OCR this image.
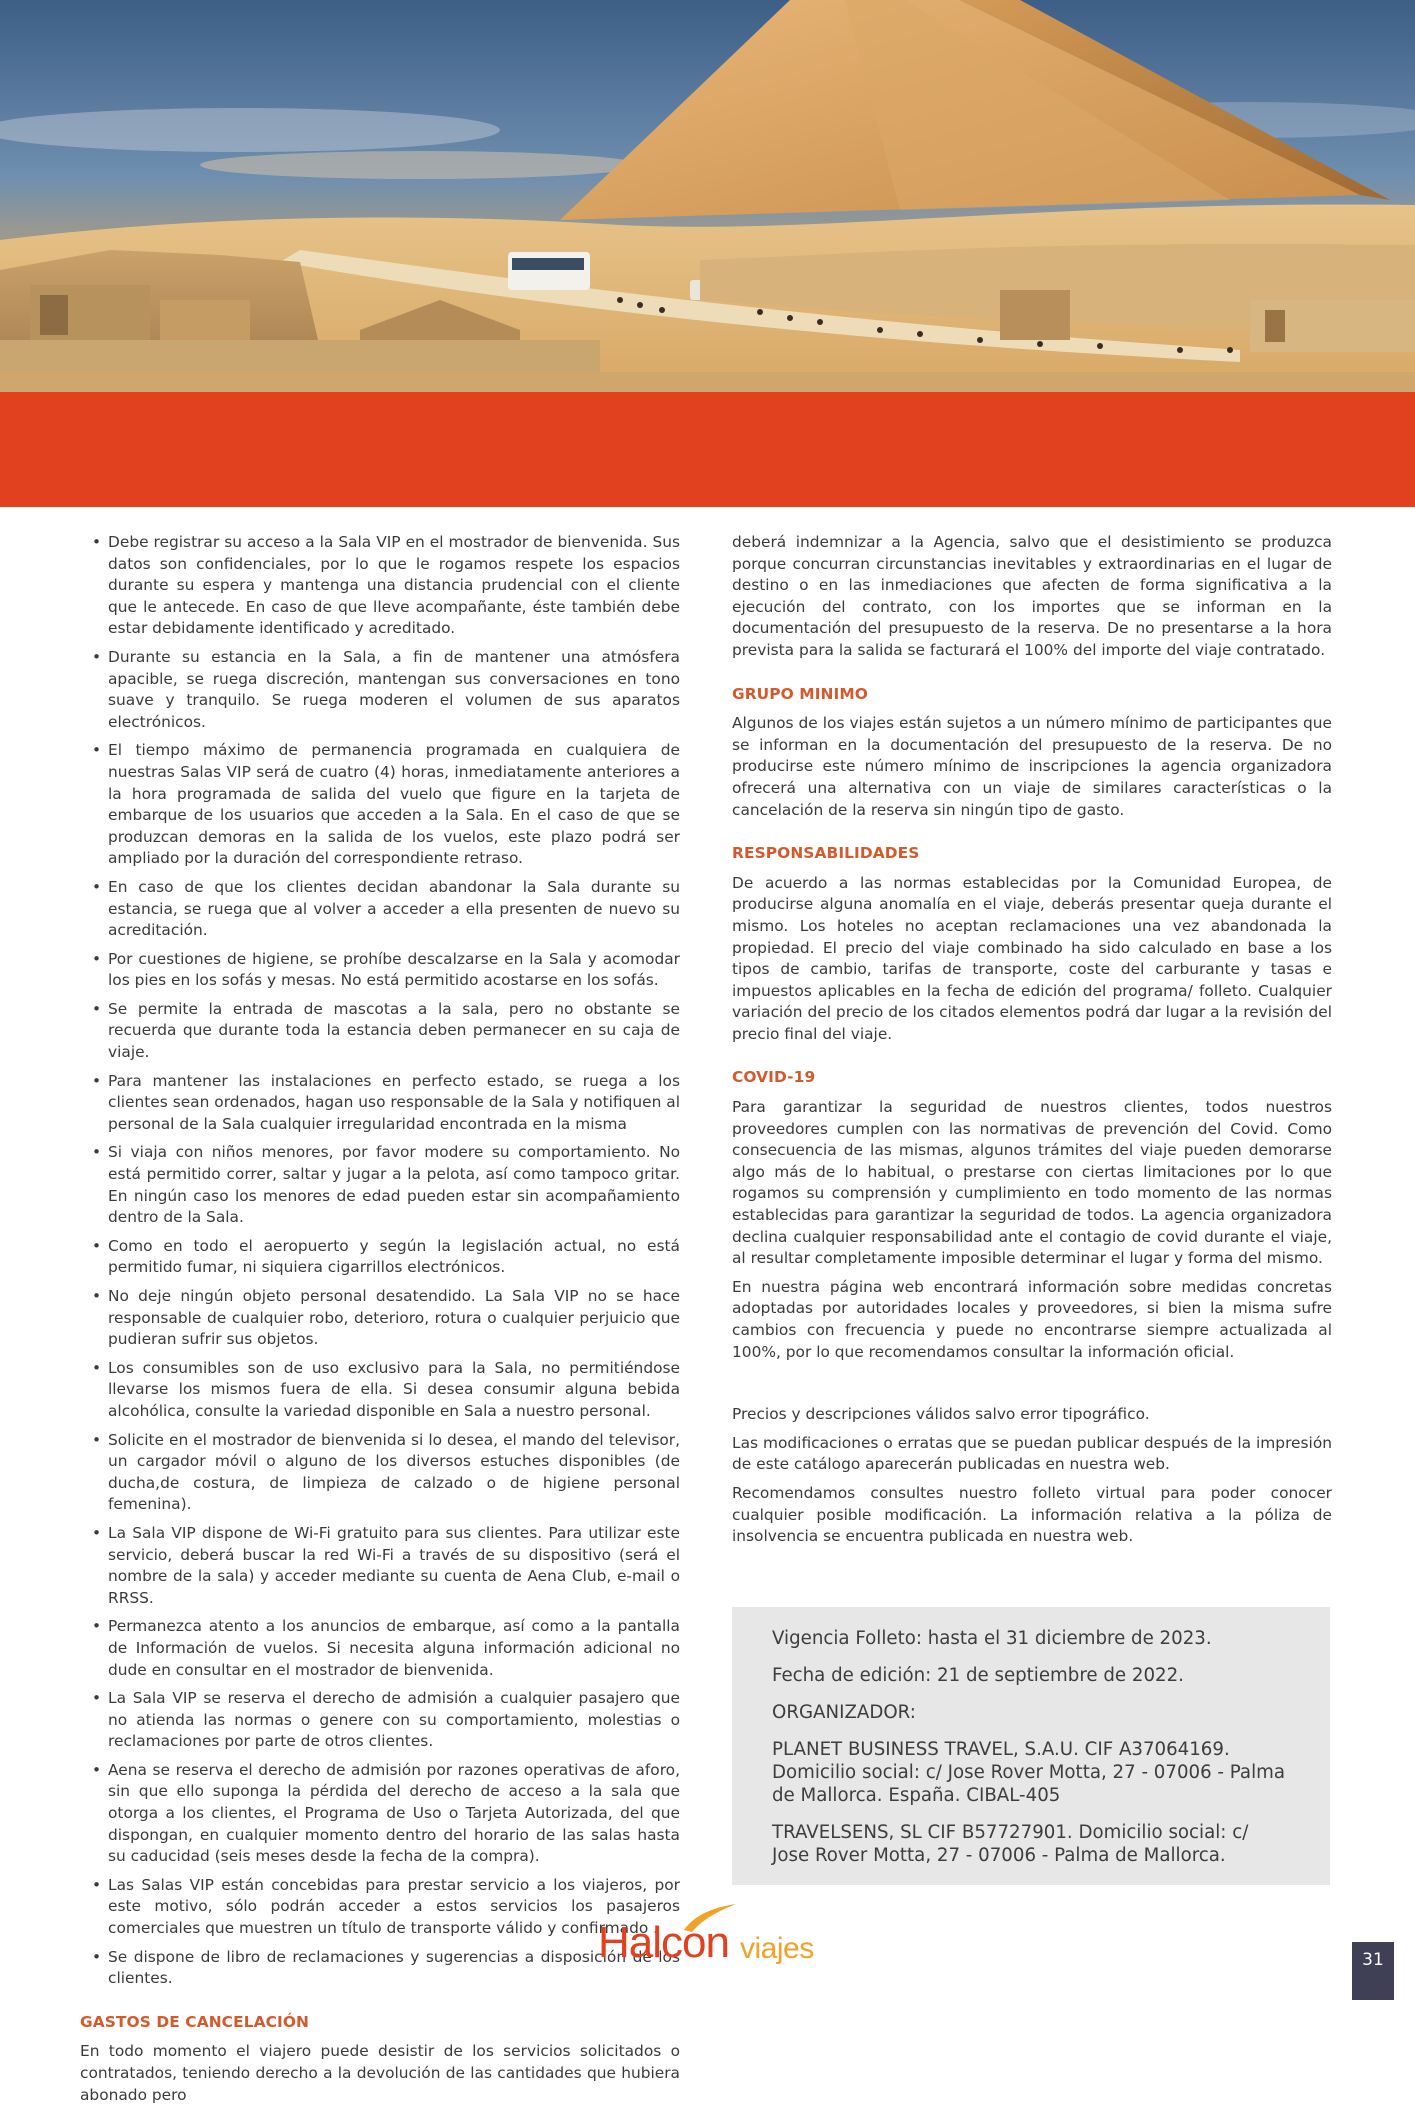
• Debe registrar su acceso a la Sala VIP en el mostrador de bienvenida. Sus datos son confidenciales, por lo que le rogamos respete los espacios durante su espera y mantenga una distancia prudencial con el cliente que le antecede. En caso de que lleve acompañante, éste también debe estar debidamente identificado y acreditado.
• Durante su estancia en la Sala, a fin de mantener una atmósfera apacible, se ruega discreción, mantengan sus conversaciones en tono suave y tranquilo. Se ruega moderen el volumen de sus aparatos electrónicos.
• El tiempo máximo de permanencia programada en cualquiera de nuestras Salas VIP será de cuatro (4) horas, inmediatamente anteriores a la hora programada de salida del vuelo que figure en la tarjeta de embarque de los usuarios que acceden a la Sala. En el caso de que se produzcan demoras en la salida de los vuelos, este plazo podrá ser ampliado por la duración del correspondiente retraso.
• En caso de que los clientes decidan abandonar la Sala durante su estancia, se ruega que al volver a acceder a ella presenten de nuevo su acreditación.
• Por cuestiones de higiene, se prohíbe descalzarse en la Sala y acomodar los pies en los sofás y mesas. No está permitido acostarse en los sofás.
• Se permite la entrada de mascotas a la sala, pero no obstante se recuerda que durante toda la estancia deben permanecer en su caja de viaje.
• Para mantener las instalaciones en perfecto estado, se ruega a los clientes sean ordenados, hagan uso responsable de la Sala y notifiquen al personal de la Sala cualquier irregularidad encontrada en la misma
• Si viaja con niños menores, por favor modere su comportamiento. No está permitido correr, saltar y jugar a la pelota, así como tampoco gritar. En ningún caso los menores de edad pueden estar sin acompañamiento dentro de la Sala.
• Como en todo el aeropuerto y según la legislación actual, no está permitido fumar, ni siquiera cigarrillos electrónicos.
• No deje ningún objeto personal desatendido. La Sala VIP no se hace responsable de cualquier robo, deterioro, rotura o cualquier perjuicio que pudieran sufrir sus objetos.
• Los consumibles son de uso exclusivo para la Sala, no permitiéndose llevarse los mismos fuera de ella. Si desea consumir alguna bebida alcohólica, consulte la variedad disponible en Sala a nuestro personal.
• Solicite en el mostrador de bienvenida si lo desea, el mando del televisor, un cargador móvil o alguno de los diversos estuches disponibles (de ducha,de costura, de limpieza de calzado o de higiene personal femenina).
• La Sala VIP dispone de Wi-Fi gratuito para sus clientes. Para utilizar este servicio, deberá buscar la red Wi-Fi a través de su dispositivo (será el nombre de la sala) y acceder mediante su cuenta de Aena Club, e-mail o RRSS.
• Permanezca atento a los anuncios de embarque, así como a la pantalla de Información de vuelos. Si necesita alguna información adicional no dude en consultar en el mostrador de bienvenida.
• La Sala VIP se reserva el derecho de admisión a cualquier pasajero que no atienda las normas o genere con su comportamiento, molestias o reclamaciones por parte de otros clientes.
• Aena se reserva el derecho de admisión por razones operativas de aforo, sin que ello suponga la pérdida del derecho de acceso a la sala que otorga a los clientes, el Programa de Uso o Tarjeta Autorizada, del que dispongan, en cualquier momento dentro del horario de las salas hasta su caducidad (seis meses desde la fecha de la compra).
• Las Salas VIP están concebidas para prestar servicio a los viajeros, por este motivo, sólo podrán acceder a estos servicios los pasajeros comerciales que muestren un título de transporte válido y confirmado .
• Se dispone de libro de reclamaciones y sugerencias a disposición de los clientes.
GASTOS DE CANCELACIÓN

En todo momento el viajero puede desistir de los servicios solicitados o contratados, teniendo derecho a la devolución de las cantidades que hubiera abonado pero

deberá indemnizar a la Agencia, salvo que el desistimiento se produzca porque concurran circunstancias inevitables y extraordinarias en el lugar de destino o en las inmediaciones que afecten de forma significativa a la ejecución del contrato, con los importes que se informan en la documentación del presupuesto de la reserva. De no presentarse a la hora prevista para la salida se facturará el 100% del importe del viaje contratado.

GRUPO MINIMO

Algunos de los viajes están sujetos a un número mínimo de participantes que se informan en la documentación del presupuesto de la reserva. De no producirse este número mínimo de inscripciones la agencia organizadora ofrecerá una alternativa con un viaje de similares características o la cancelación de la reserva sin ningún tipo de gasto.

RESPONSABILIDADES

De acuerdo a las normas establecidas por la Comunidad Europea, de producirse alguna anomalía en el viaje, deberás presentar queja durante el mismo. Los hoteles no aceptan reclamaciones una vez abandonada la propiedad. El precio del viaje combinado ha sido calculado en base a los tipos de cambio, tarifas de transporte, coste del carburante y tasas e impuestos aplicables en la fecha de edición del programa/ folleto. Cualquier variación del precio de los citados elementos podrá dar lugar a la revisión del precio final del viaje.

COVID-19

Para garantizar la seguridad de nuestros clientes, todos nuestros proveedores cumplen con las normativas de prevención del Covid. Como consecuencia de las mismas, algunos trámites del viaje pueden demorarse algo más de lo habitual, o prestarse con ciertas limitaciones por lo que rogamos su comprensión y cumplimiento en todo momento de las normas establecidas para garantizar la seguridad de todos. La agencia organizadora declina cualquier responsabilidad ante el contagio de covid durante el viaje, al resultar completamente imposible determinar el lugar y forma del mismo.

En nuestra página web encontrará información sobre medidas concretas adoptadas por autoridades locales y proveedores, si bien la misma sufre cambios con frecuencia y puede no encontrarse siempre actualizada al 100%, por lo que recomendamos consultar la información oficial.

Precios y descripciones válidos salvo error tipográfico.

Las modificaciones o erratas que se puedan publicar después de la impresión de este catálogo aparecerán publicadas en nuestra web.

Recomendamos consultes nuestro folleto virtual para poder conocer cualquier posible modificación. La información relativa a la póliza de insolvencia se encuentra publicada en nuestra web.

Vigencia Folleto: hasta el 31 diciembre de 2023.

Fecha de edición: 21 de septiembre de 2022.

ORGANIZADOR:

PLANET BUSINESS TRAVEL, S.A.U. CIF A37064169. Domicilio social: c/ Jose Rover Motta, 27 - 07006 - Palma de Mallorca. España. CIBAL-405

TRAVELSENS, SL CIF B57727901. Domicilio social: c/ Jose Rover Motta, 27 - 07006 - Palma de Mallorca.

Halcon viajes	31
